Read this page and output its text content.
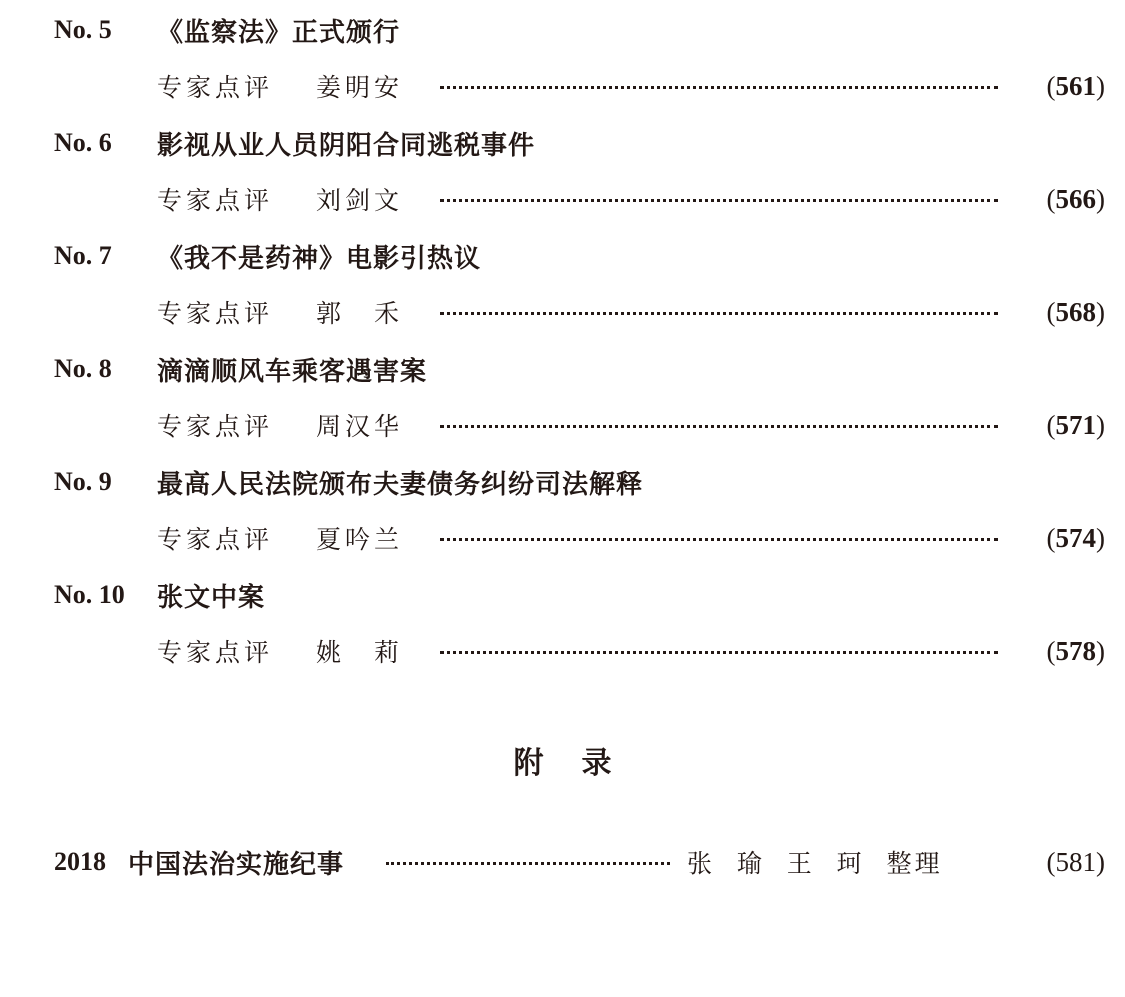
No. 5 《监察法》正式颁行
专家点评 姜明安	(561)
No. 6 影视从业人员阴阳合同逃税事件
专家点评 刘剑文	(566)
No. 7 《我不是药神》电影引热议
专家点评 郭　禾	(568)
No. 8 滴滴顺风车乘客遇害案
专家点评 周汉华	(571)
No. 9 最高人民法院颁布夫妻债务纠纷司法解释
专家点评 夏吟兰	(574)
No. 10 张文中案
专家点评 姚　莉	(578)
附录
2018 中国法治实施纪事	张  瑜  王  珂  整理	(581)
